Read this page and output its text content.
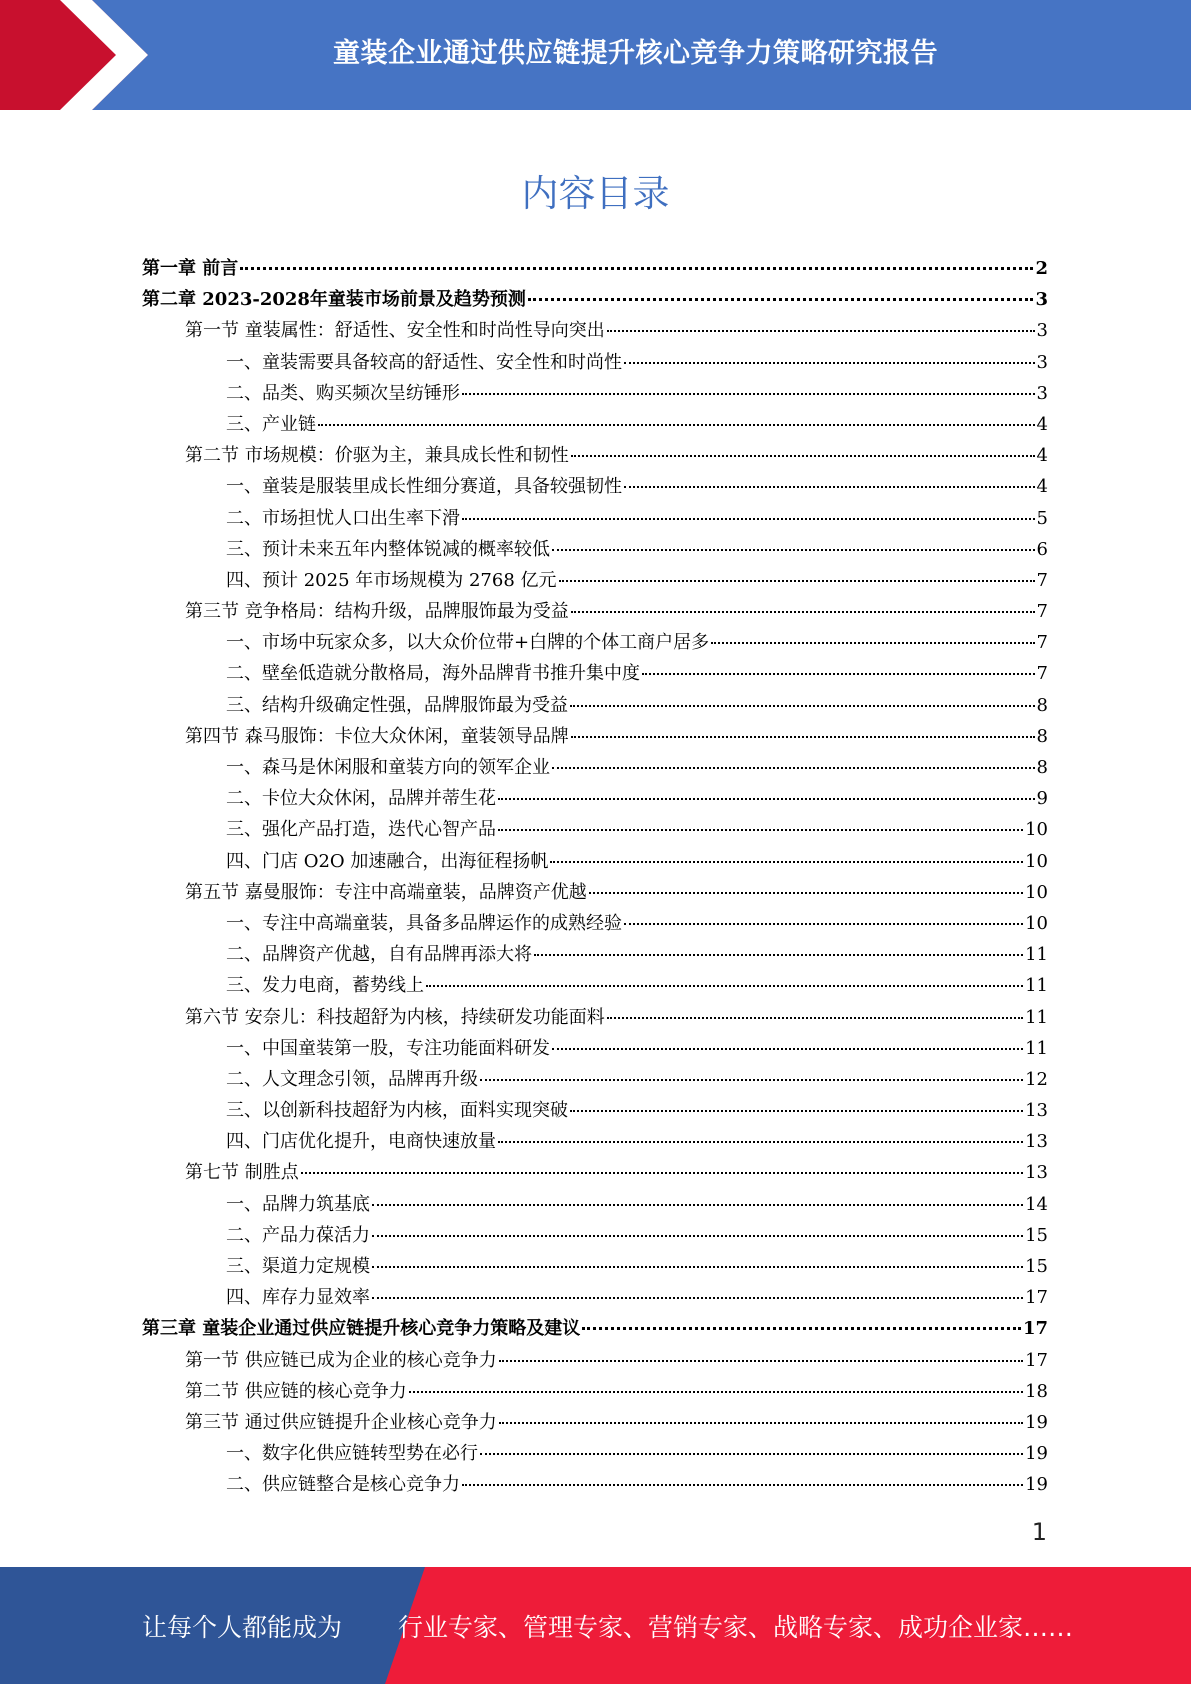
童装企业通过供应链提升核心竞争力策略研究报告
内容目录
第一章 前言	2
第二章 2023-2028年童装市场前景及趋势预测	3
第一节 童装属性：舒适性、安全性和时尚性导向突出	3
一、童装需要具备较高的舒适性、安全性和时尚性	3
二、品类、购买频次呈纺锤形	3
三、产业链	4
第二节 市场规模：价驱为主，兼具成长性和韧性	4
一、童装是服装里成长性细分赛道，具备较强韧性	4
二、市场担忧人口出生率下滑	5
三、预计未来五年内整体锐减的概率较低	6
四、预计 2025 年市场规模为 2768 亿元	7
第三节 竞争格局：结构升级，品牌服饰最为受益	7
一、市场中玩家众多，以大众价位带+白牌的个体工商户居多	7
二、壁垒低造就分散格局，海外品牌背书推升集中度	7
三、结构升级确定性强，品牌服饰最为受益	8
第四节 森马服饰：卡位大众休闲，童装领导品牌	8
一、森马是休闲服和童装方向的领军企业	8
二、卡位大众休闲，品牌并蒂生花	9
三、强化产品打造，迭代心智产品	10
四、门店 O2O 加速融合，出海征程扬帆	10
第五节 嘉曼服饰：专注中高端童装，品牌资产优越	10
一、专注中高端童装，具备多品牌运作的成熟经验	10
二、品牌资产优越，自有品牌再添大将	11
三、发力电商，蓄势线上	11
第六节 安奈儿：科技超舒为内核，持续研发功能面料	11
一、中国童装第一股，专注功能面料研发	11
二、人文理念引领，品牌再升级	12
三、以创新科技超舒为内核，面料实现突破	13
四、门店优化提升，电商快速放量	13
第七节 制胜点	13
一、品牌力筑基底	14
二、产品力葆活力	15
三、渠道力定规模	15
四、库存力显效率	17
第三章 童装企业通过供应链提升核心竞争力策略及建议	17
第一节 供应链已成为企业的核心竞争力	17
第二节 供应链的核心竞争力	18
第三节 通过供应链提升企业核心竞争力	19
一、数字化供应链转型势在必行	19
二、供应链整合是核心竞争力	19
1
让每个人都能成为 行业专家、管理专家、营销专家、战略专家、成功企业家……
